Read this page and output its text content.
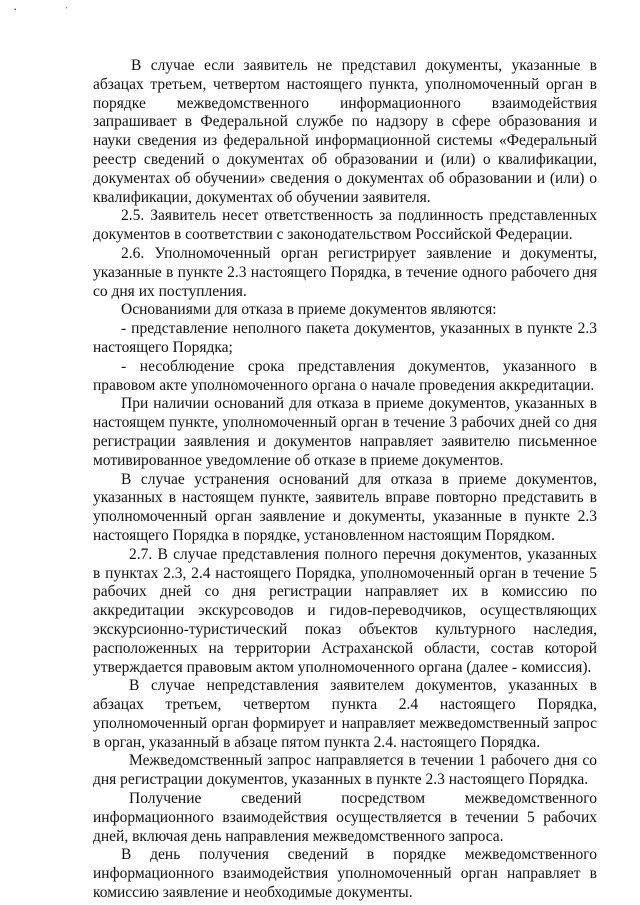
•	'

В случае если заявитель не представил документы, указанные в абзацах третьем, четвертом настоящего пункта, уполномоченный орган в порядке межведомственного информационного взаимодействия запрашивает в Федеральной службе по надзору в сфере образования и науки сведения из федеральной информационной системы «Федеральный реестр сведений о документах об образовании и (или) о квалификации, документах об обучении» сведения о документах об образовании и (или) о квалификации, документах об обучении заявителя.

2.5. Заявитель несет ответственность за подлинность представленных документов в соответствии с законодательством Российской Федерации.

2.6. Уполномоченный орган регистрирует заявление и документы, указанные в пункте 2.3 настоящего Порядка, в течение одного рабочего дня со дня их поступления.

Основаниями для отказа в приеме документов являются:

- представление неполного пакета документов, указанных в пункте 2.3 настоящего Порядка;

- несоблюдение срока представления документов, указанного в правовом акте уполномоченного органа о начале проведения аккредитации.

При наличии оснований для отказа в приеме документов, указанных в настоящем пункте, уполномоченный орган в течение 3 рабочих дней со дня регистрации заявления и документов направляет заявителю письменное мотивированное уведомление об отказе в приеме документов.

В случае устранения оснований для отказа в приеме документов, указанных в настоящем пункте, заявитель вправе повторно представить в уполномоченный орган заявление и документы, указанные в пункте 2.3 настоящего Порядка в порядке, установленном настоящим Порядком.

2.7. В случае представления полного перечня документов, указанных в пунктах 2.3, 2.4 настоящего Порядка, уполномоченный орган в течение 5 рабочих дней со дня регистрации направляет их в комиссию по аккредитации экскурсоводов и гидов-переводчиков, осуществляющих экскурсионно-туристический показ объектов культурного наследия, расположенных на территории Астраханской области, состав которой утверждается правовым актом уполномоченного органа (далее - комиссия).

В случае непредставления заявителем документов, указанных в абзацах третьем, четвертом пункта 2.4 настоящего Порядка, уполномоченный орган формирует и направляет межведомственный запрос в орган, указанный в абзаце пятом пункта 2.4. настоящего Порядка.

Межведомственный запрос направляется в течении 1 рабочего дня со дня регистрации документов, указанных в пункте 2.3 настоящего Порядка.

Получение сведений посредством межведомственного информационного взаимодействия осуществляется в течении 5 рабочих дней, включая день направления межведомственного запроса.

В день получения сведений в порядке межведомственного информационного взаимодействия уполномоченный орган направляет в комиссию заявление и необходимые документы.
